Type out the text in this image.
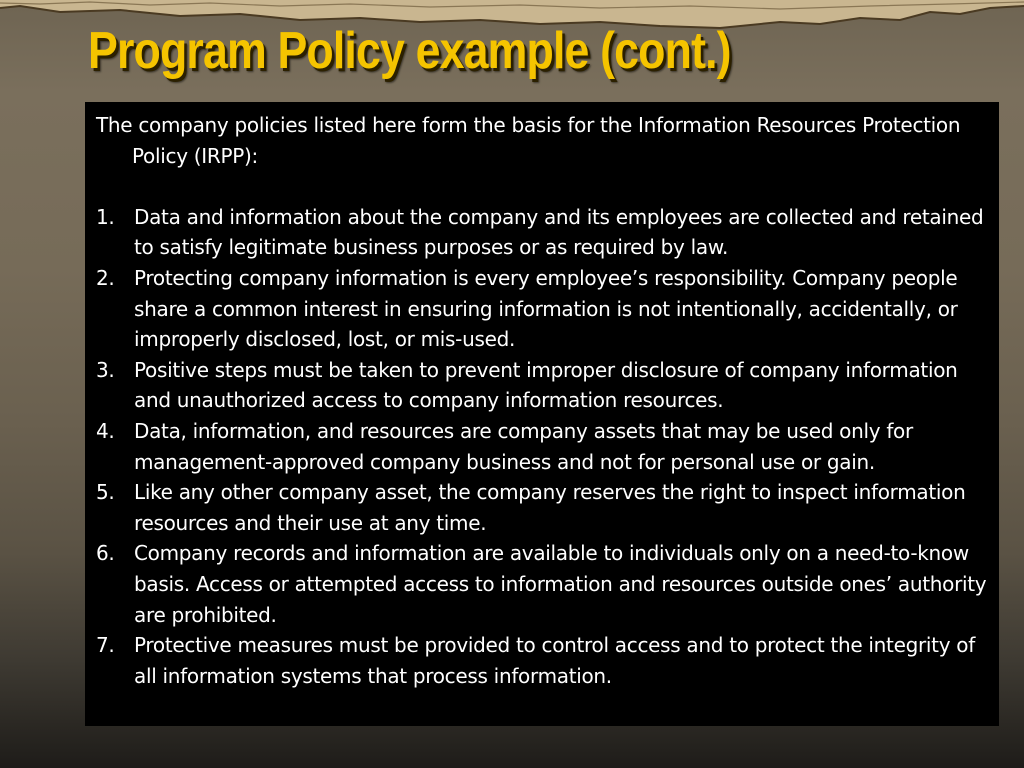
Program Policy example (cont.)

The company policies listed here form the basis for the Information Resources Protection Policy (IRPP):

1. Data and information about the company and its employees are collected and retained to satisfy legitimate business purposes or as required by law.
2. Protecting company information is every employee’s responsibility. Company people share a common interest in ensuring information is not intentionally, accidentally, or improperly disclosed, lost, or mis-used.
3. Positive steps must be taken to prevent improper disclosure of company information and unauthorized access to company information resources.
4. Data, information, and resources are company assets that may be used only for management-approved company business and not for personal use or gain.
5. Like any other company asset, the company reserves the right to inspect information resources and their use at any time.
6. Company records and information are available to individuals only on a need-to-know basis. Access or attempted access to information and resources outside ones’ authority are prohibited.
7. Protective measures must be provided to control access and to protect the integrity of all information systems that process information.
